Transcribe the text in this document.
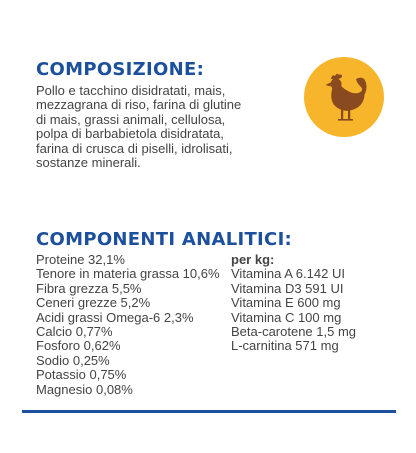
COMPOSIZIONE:

Pollo e tacchino disidratati, mais,
mezzagrana di riso, farina di glutine
di mais, grassi animali, cellulosa,
polpa di barbabietola disidratata,
farina di crusca di piselli, idrolisati,
sostanze minerali.

COMPONENTI ANALITICI:
Proteine 32,1%
Tenore in materia grassa 10,6%
Fibra grezza 5,5%
Ceneri grezze 5,2%
Acidi grassi Omega-6 2,3%
Calcio 0,77%
Fosforo 0,62%
Sodio 0,25%
Potassio 0,75%
Magnesio 0,08%
per kg:
Vitamina A 6.142 UI
Vitamina D3 591 UI
Vitamina E 600 mg
Vitamina C 100 mg
Beta-carotene 1,5 mg
L-carnitina 571 mg
